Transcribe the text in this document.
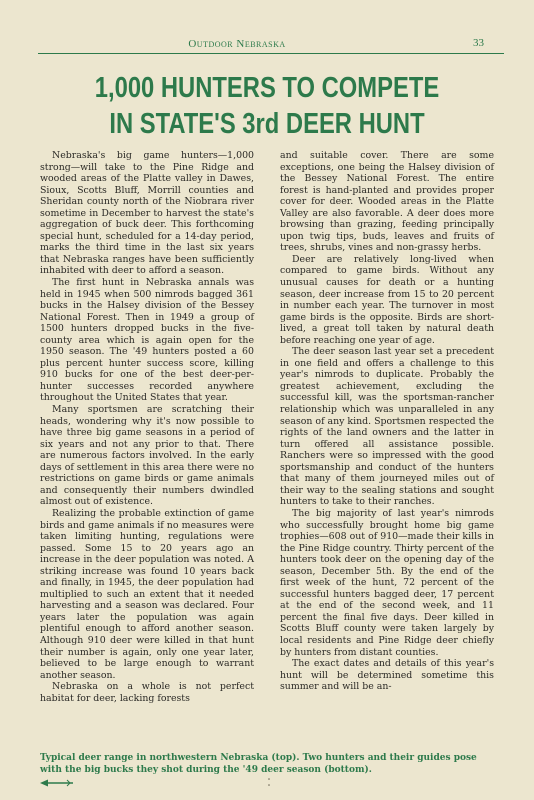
Outdoor Nebraska	33
1,000 HUNTERS TO COMPETE
IN STATE'S 3rd DEER HUNT

Nebraska's big game hunters—1,000 strong—will take to the Pine Ridge and wooded areas of the Platte valley in Dawes, Sioux, Scotts Bluff, Morrill counties and Sheridan county north of the Niobrara river sometime in December to harvest the state's aggregation of buck deer. This forthcoming special hunt, scheduled for a 14-day period, marks the third time in the last six years that Nebraska ranges have been sufficiently inhabited with deer to afford a season.

The first hunt in Nebraska annals was held in 1945 when 500 nimrods bagged 361 bucks in the Halsey division of the Bessey National Forest. Then in 1949 a group of 1500 hunters dropped bucks in the five-county area which is again open for the 1950 season. The '49 hunters posted a 60 plus percent hunter success score, killing 910 bucks for one of the best deer-per-hunter successes recorded anywhere throughout the United States that year.

Many sportsmen are scratching their heads, wondering why it's now possible to have three big game seasons in a period of six years and not any prior to that. There are numerous factors involved. In the early days of settlement in this area there were no restrictions on game birds or game animals and consequently their numbers dwindled almost out of existence.

Realizing the probable extinction of game birds and game animals if no measures were taken limiting hunting, regulations were passed. Some 15 to 20 years ago an increase in the deer population was noted. A striking increase was found 10 years back and finally, in 1945, the deer population had multiplied to such an extent that it needed harvesting and a season was declared. Four years later the population was again plentiful enough to afford another season. Although 910 deer were killed in that hunt their number is again, only one year later, believed to be large enough to warrant another season.

Nebraska on a whole is not perfect habitat for deer, lacking forests

and suitable cover. There are some exceptions, one being the Halsey division of the Bessey National Forest. The entire forest is hand-planted and provides proper cover for deer. Wooded areas in the Platte Valley are also favorable. A deer does more browsing than grazing, feeding principally upon twig tips, buds, leaves and fruits of trees, shrubs, vines and non-grassy herbs.

Deer are relatively long-lived when compared to game birds. Without any unusual causes for death or a hunting season, deer increase from 15 to 20 percent in number each year. The turnover in most game birds is the opposite. Birds are short-lived, a great toll taken by natural death before reaching one year of age.

The deer season last year set a precedent in one field and offers a challenge to this year's nimrods to duplicate. Probably the greatest achievement, excluding the successful kill, was the sportsman-rancher relationship which was unparalleled in any season of any kind. Sportsmen respected the rights of the land owners and the latter in turn offered all assistance possible. Ranchers were so impressed with the good sportsmanship and conduct of the hunters that many of them journeyed miles out of their way to the sealing stations and sought hunters to take to their ranches.

The big majority of last year's nimrods who successfully brought home big game trophies—608 out of 910—made their kills in the Pine Ridge country. Thirty percent of the hunters took deer on the opening day of the season, December 5th. By the end of the first week of the hunt, 72 percent of the successful hunters bagged deer, 17 percent at the end of the second week, and 11 percent the final five days. Deer killed in Scotts Bluff county were taken largely by local residents and Pine Ridge deer chiefly by hunters from distant counties.

The exact dates and details of this year's hunt will be determined sometime this summer and will be an-

Typical deer range in northwestern Nebraska (top). Two hunters and their guides pose with the big bucks they shot during the '49 deer season (bottom).
